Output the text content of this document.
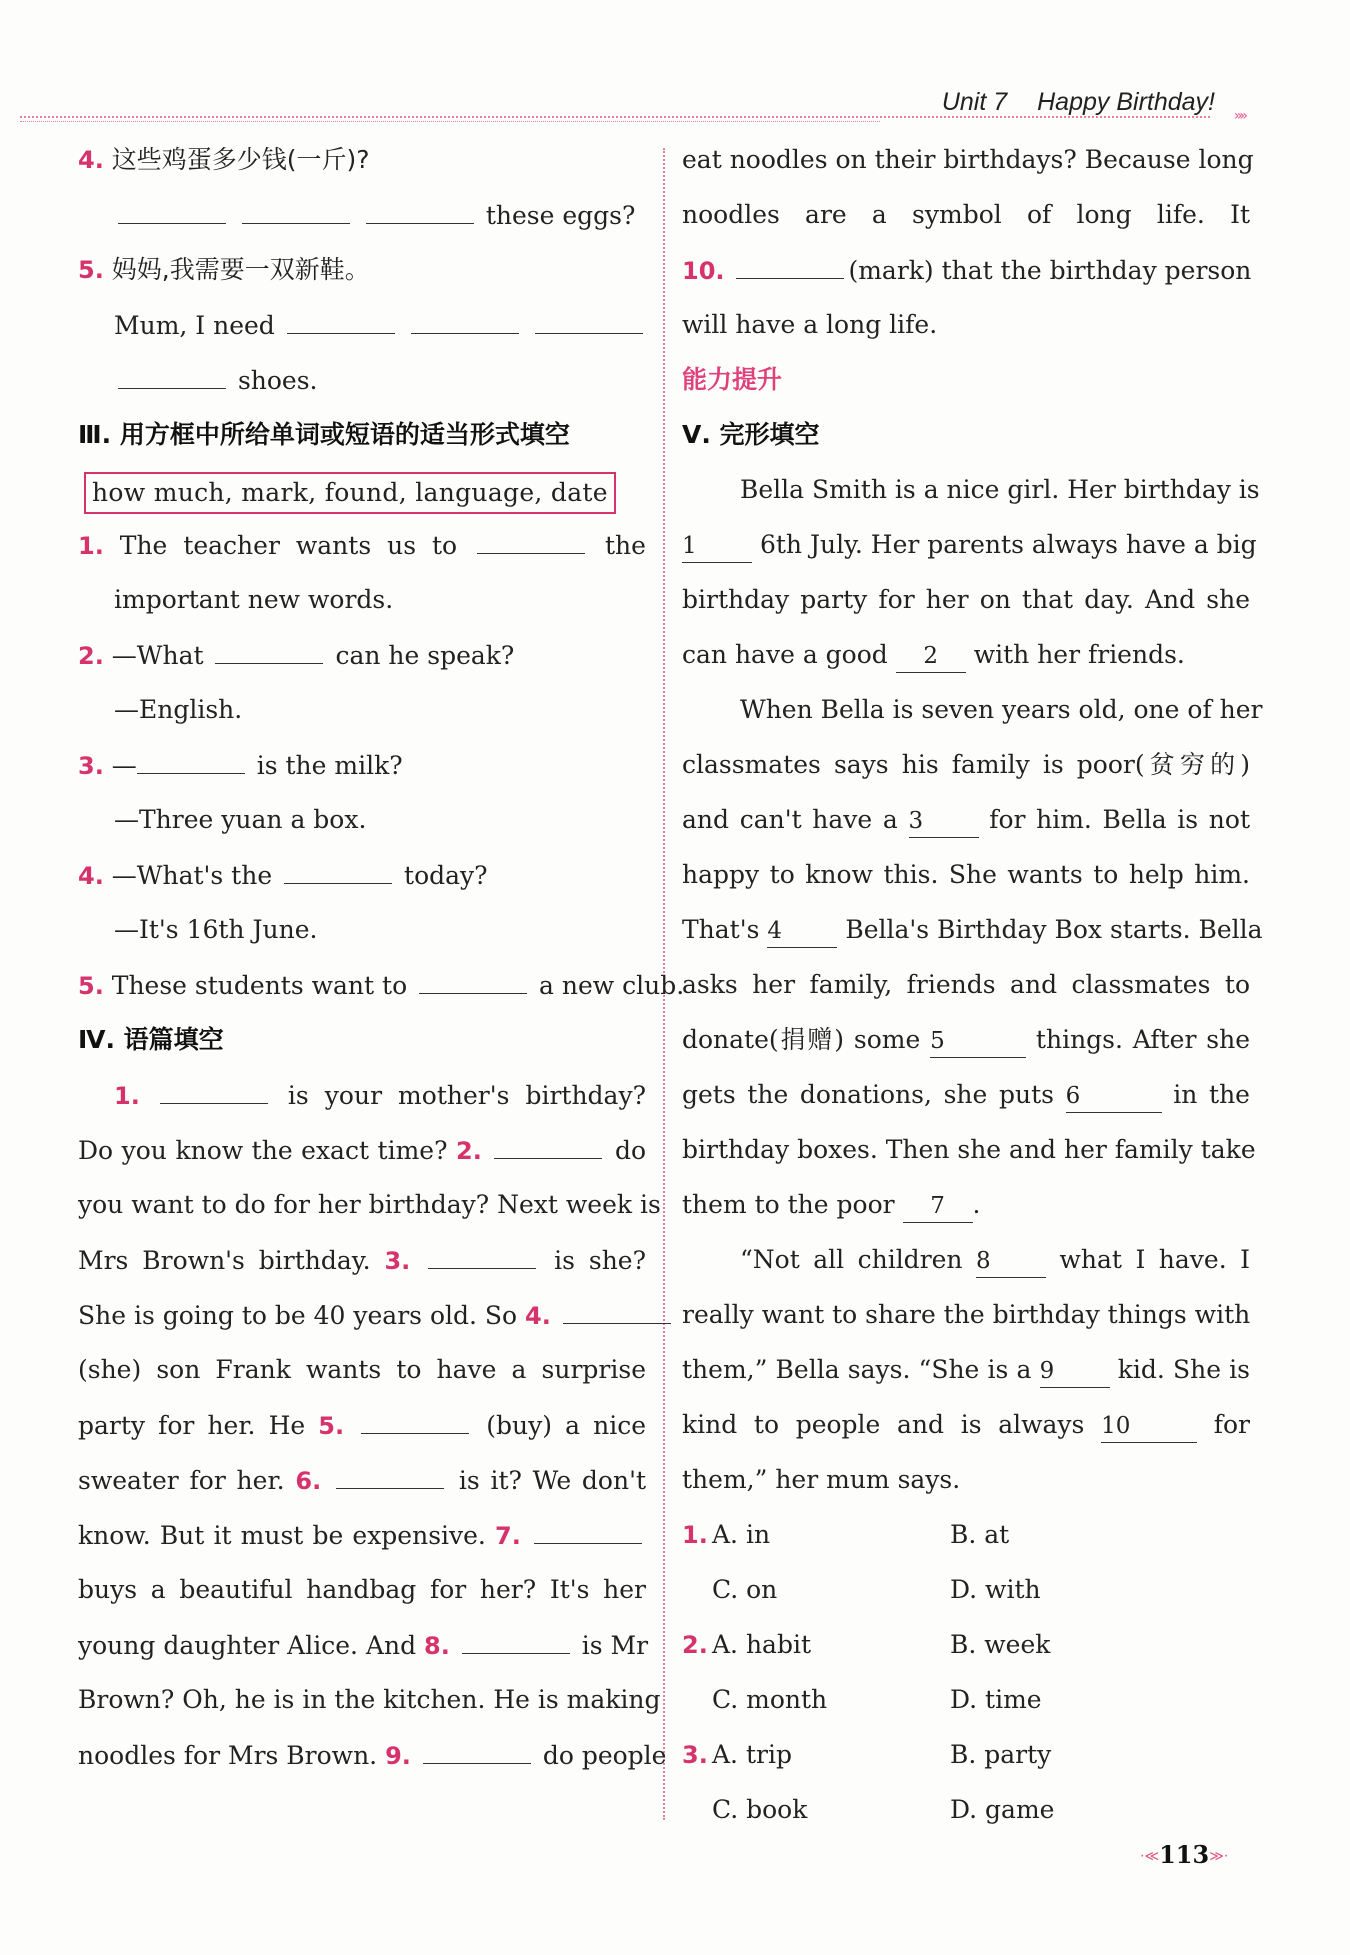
Unit 7 Happy Birthday! »»
4. 这些鸡蛋多少钱(一斤)?
these eggs?
5. 妈妈,我需要一双新鞋。
Mum, I need
shoes.
Ⅲ. 用方框中所给单词或短语的适当形式填空
how much, mark, found, language, date
1. The teacher wants us to	the
important new words.
2. —What	can he speak?
—English.
3. —	is the milk?
—Three yuan a box.
4. —What's the	today?
—It's 16th June.
5. These students want to	a new club.
Ⅳ. 语篇填空
1.	is your mother's birthday?
Do you know the exact time? 2.	do
you want to do for her birthday? Next week is
Mrs Brown's birthday. 3.	is she?
She is going to be 40 years old. So 4.
(she) son Frank wants to have a surprise
party for her. He 5.	(buy) a nice
sweater for her. 6.	is it? We don't
know. But it must be expensive. 7.
buys a beautiful handbag for her? It's her
young daughter Alice. And 8.	is Mr
Brown? Oh, he is in the kitchen. He is making
noodles for Mrs Brown. 9.	do people
eat noodles on their birthdays? Because long
noodles are a symbol of long life. It
10.	(mark) that the birthday person
will have a long life.
能力提升
Ⅴ. 完形填空
Bella Smith is a nice girl. Her birthday is
1	6th July. Her parents always have a big
birthday party for her on that day. And she
can have a good 2 with her friends.
When Bella is seven years old, one of her
classmates says his family is poor(贫穷的)
and can't have a 3	for him. Bella is not
happy to know this. She wants to help him.
That's 4	Bella's Birthday Box starts. Bella
asks her family, friends and classmates to
donate(捐赠) some 5	things. After she
gets the donations, she puts 6	in the
birthday boxes. Then she and her family take
them to the poor 7 .
“Not all children 8	what I have. I
really want to share the birthday things with
them,” Bella says. “She is a 9	kid. She is
kind to people and is always 10	for
them,” her mum says.
1. A. in	B. at
C. on	D. with
2. A. habit	B. week
C. month	D. time
3. A. trip	B. party
C. book	D. game
·≪113≫·
